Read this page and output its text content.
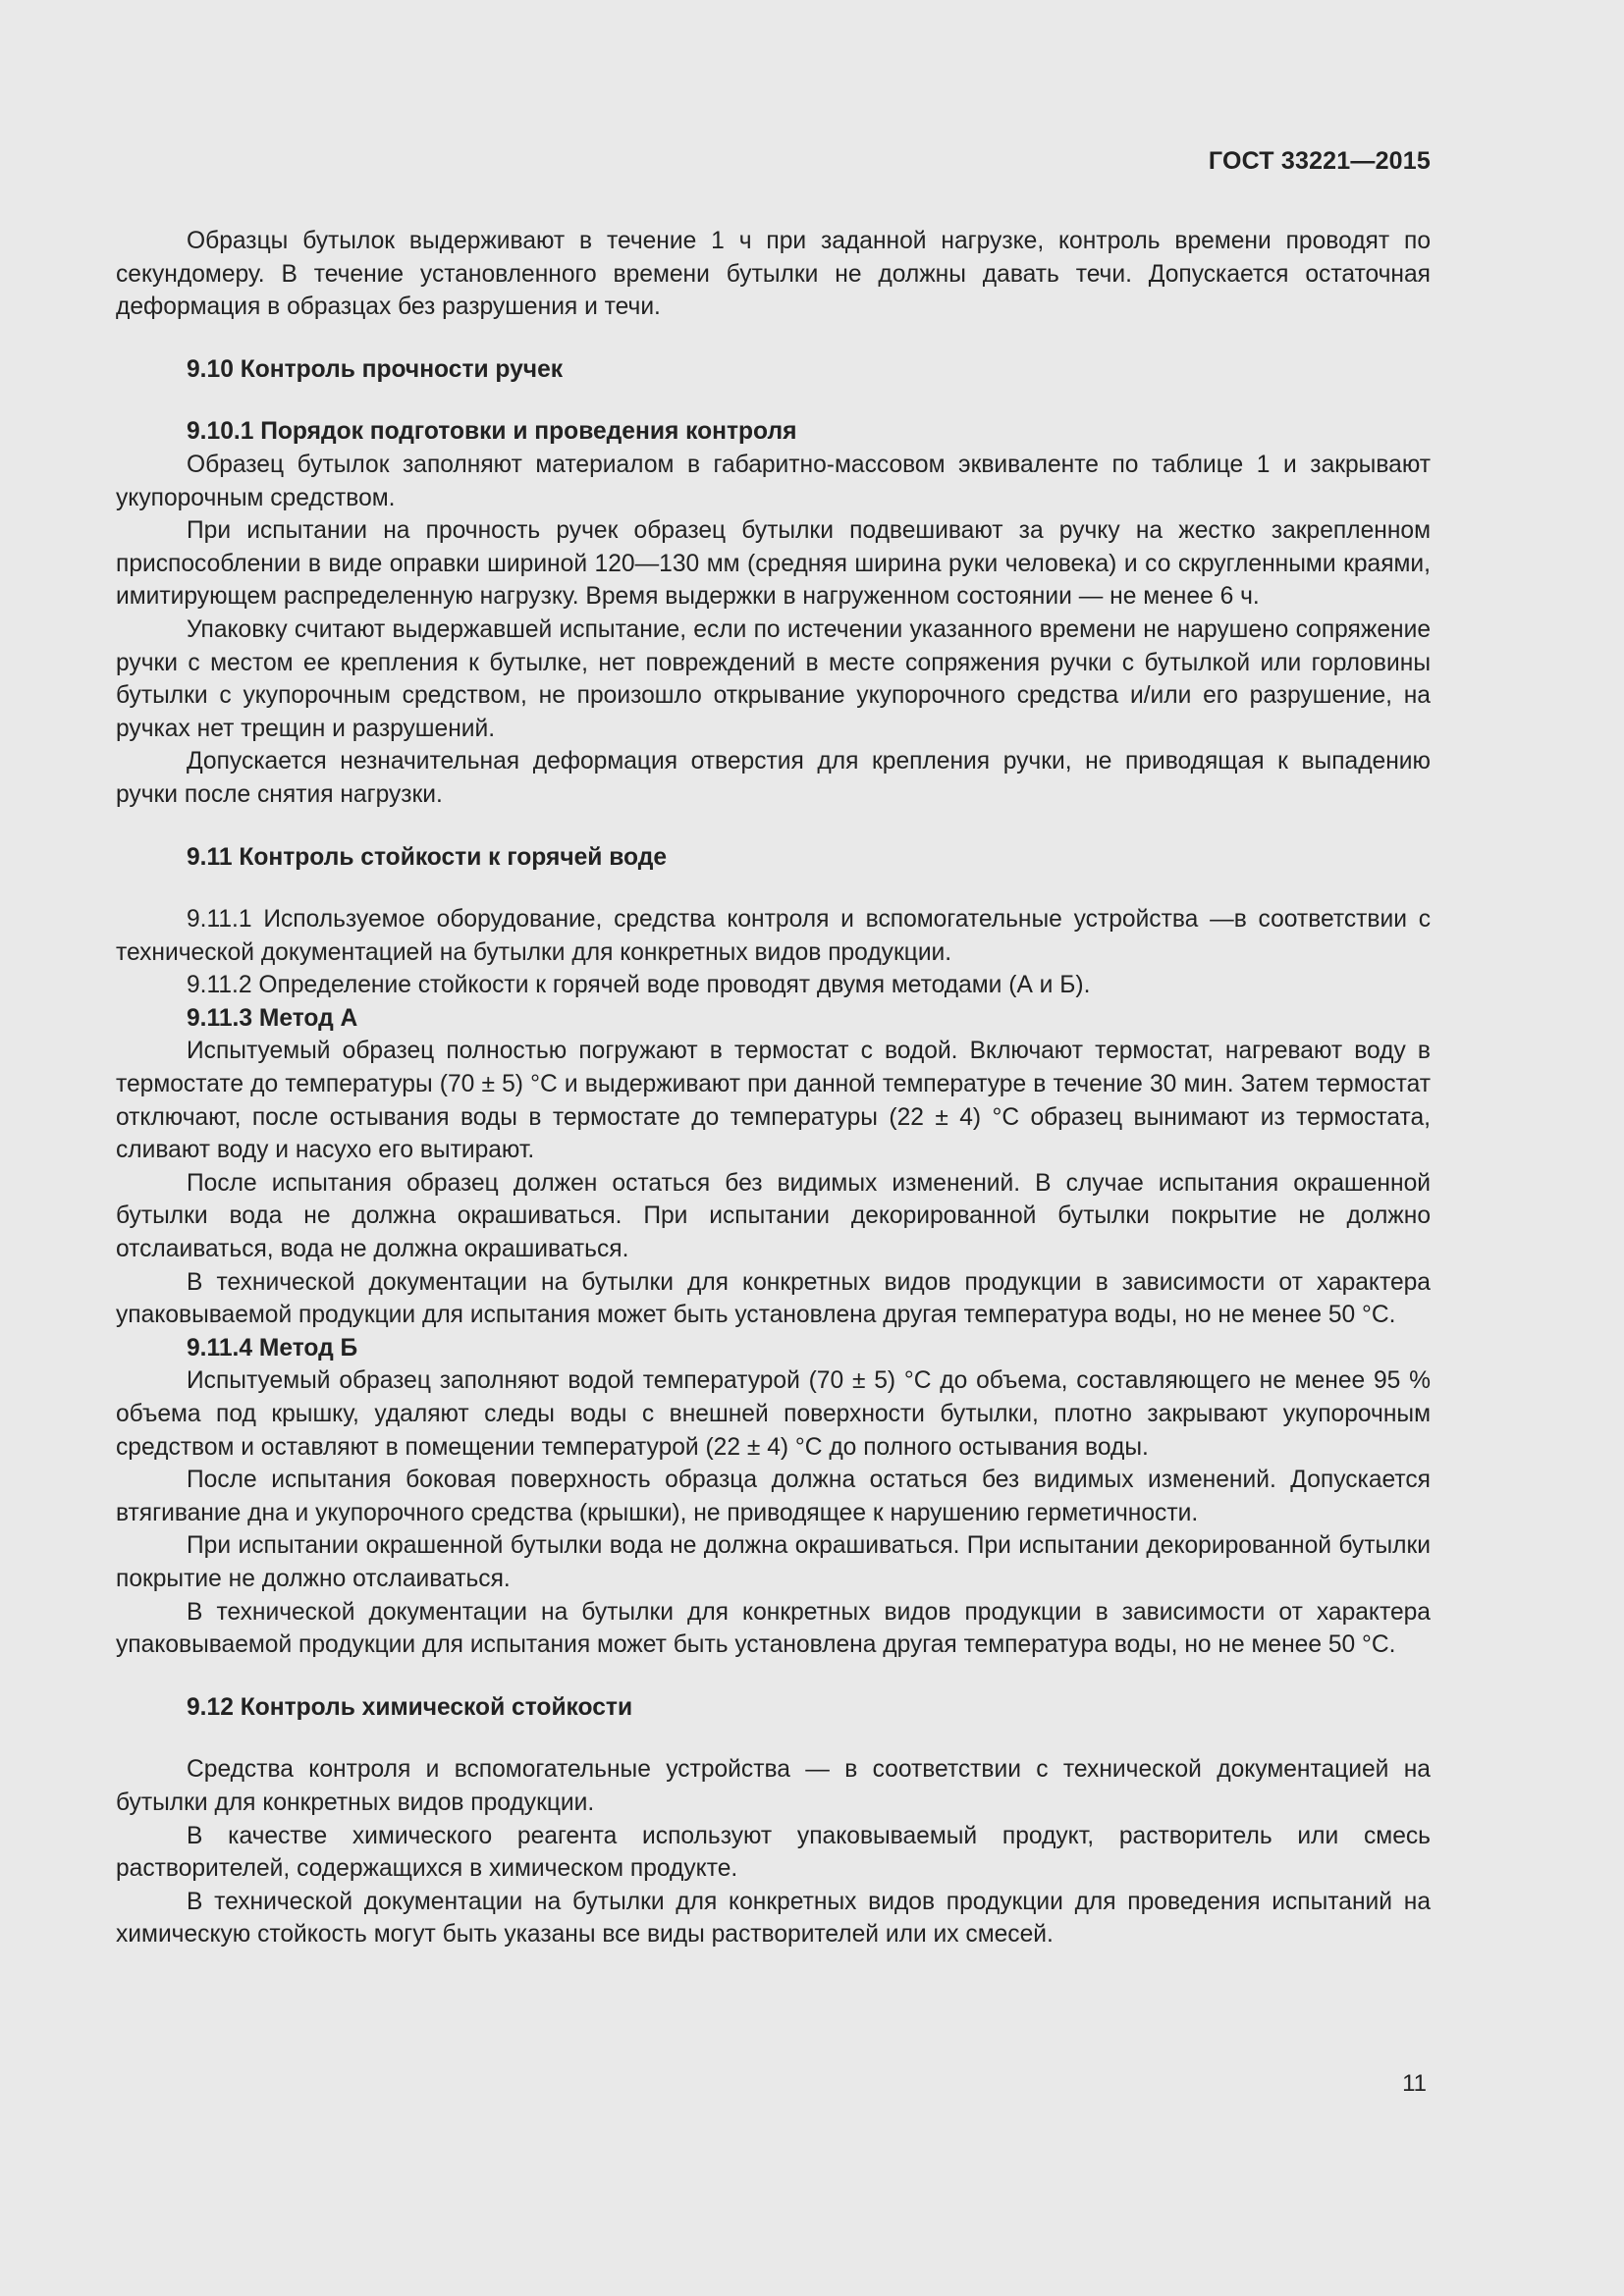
ГОСТ 33221—2015

Образцы бутылок выдерживают в течение 1 ч при заданной нагрузке, контроль времени проводят по секундомеру. В течение установленного времени бутылки не должны давать течи. Допускается остаточная деформация в образцах без разрушения и течи.

9.10 Контроль прочности ручек
9.10.1 Порядок подготовки и проведения контроля

Образец бутылок заполняют материалом в габаритно-массовом эквиваленте по таблице 1 и закрывают укупорочным средством.

При испытании на прочность ручек образец бутылки подвешивают за ручку на жестко закрепленном приспособлении в виде оправки шириной 120—130 мм (средняя ширина руки человека) и со скругленными краями, имитирующем распределенную нагрузку. Время выдержки в нагруженном состоянии — не менее 6 ч.

Упаковку считают выдержавшей испытание, если по истечении указанного времени не нарушено сопряжение ручки с местом ее крепления к бутылке, нет повреждений в месте сопряжения ручки с бутылкой или горловины бутылки с укупорочным средством, не произошло открывание укупорочного средства и/или его разрушение, на ручках нет трещин и разрушений.

Допускается незначительная деформация отверстия для крепления ручки, не приводящая к выпадению ручки после снятия нагрузки.

9.11 Контроль стойкости к горячей воде

9.11.1 Используемое оборудование, средства контроля и вспомогательные устройства —в соответствии с технической документацией на бутылки для конкретных видов продукции.

9.11.2 Определение стойкости к горячей воде проводят двумя методами (А и Б).

9.11.3 Метод А

Испытуемый образец полностью погружают в термостат с водой. Включают термостат, нагревают воду в термостате до температуры (70 ± 5) °С и выдерживают при данной температуре в течение 30 мин. Затем термостат отключают, после остывания воды в термостате до температуры (22 ± 4) °С образец вынимают из термостата, сливают воду и насухо его вытирают.

После испытания образец должен остаться без видимых изменений. В случае испытания окрашенной бутылки вода не должна окрашиваться. При испытании декорированной бутылки покрытие не должно отслаиваться, вода не должна окрашиваться.

В технической документации на бутылки для конкретных видов продукции в зависимости от характера упаковываемой продукции для испытания может быть установлена другая температура воды, но не менее 50 °С.

9.11.4 Метод Б

Испытуемый образец заполняют водой температурой (70 ± 5) °С до объема, составляющего не менее 95 % объема под крышку, удаляют следы воды с внешней поверхности бутылки, плотно закрывают укупорочным средством и оставляют в помещении температурой (22 ± 4) °С до полного остывания воды.

После испытания боковая поверхность образца должна остаться без видимых изменений. Допускается втягивание дна и укупорочного средства (крышки), не приводящее к нарушению герметичности.

При испытании окрашенной бутылки вода не должна окрашиваться. При испытании декорированной бутылки покрытие не должно отслаиваться.

В технической документации на бутылки для конкретных видов продукции в зависимости от характера упаковываемой продукции для испытания может быть установлена другая температура воды, но не менее 50 °С.

9.12 Контроль химической стойкости

Средства контроля и вспомогательные устройства — в соответствии с технической документацией на бутылки для конкретных видов продукции.

В качестве химического реагента используют упаковываемый продукт, растворитель или смесь растворителей, содержащихся в химическом продукте.

В технической документации на бутылки для конкретных видов продукции для проведения испытаний на химическую стойкость могут быть указаны все виды растворителей или их смесей.

11
